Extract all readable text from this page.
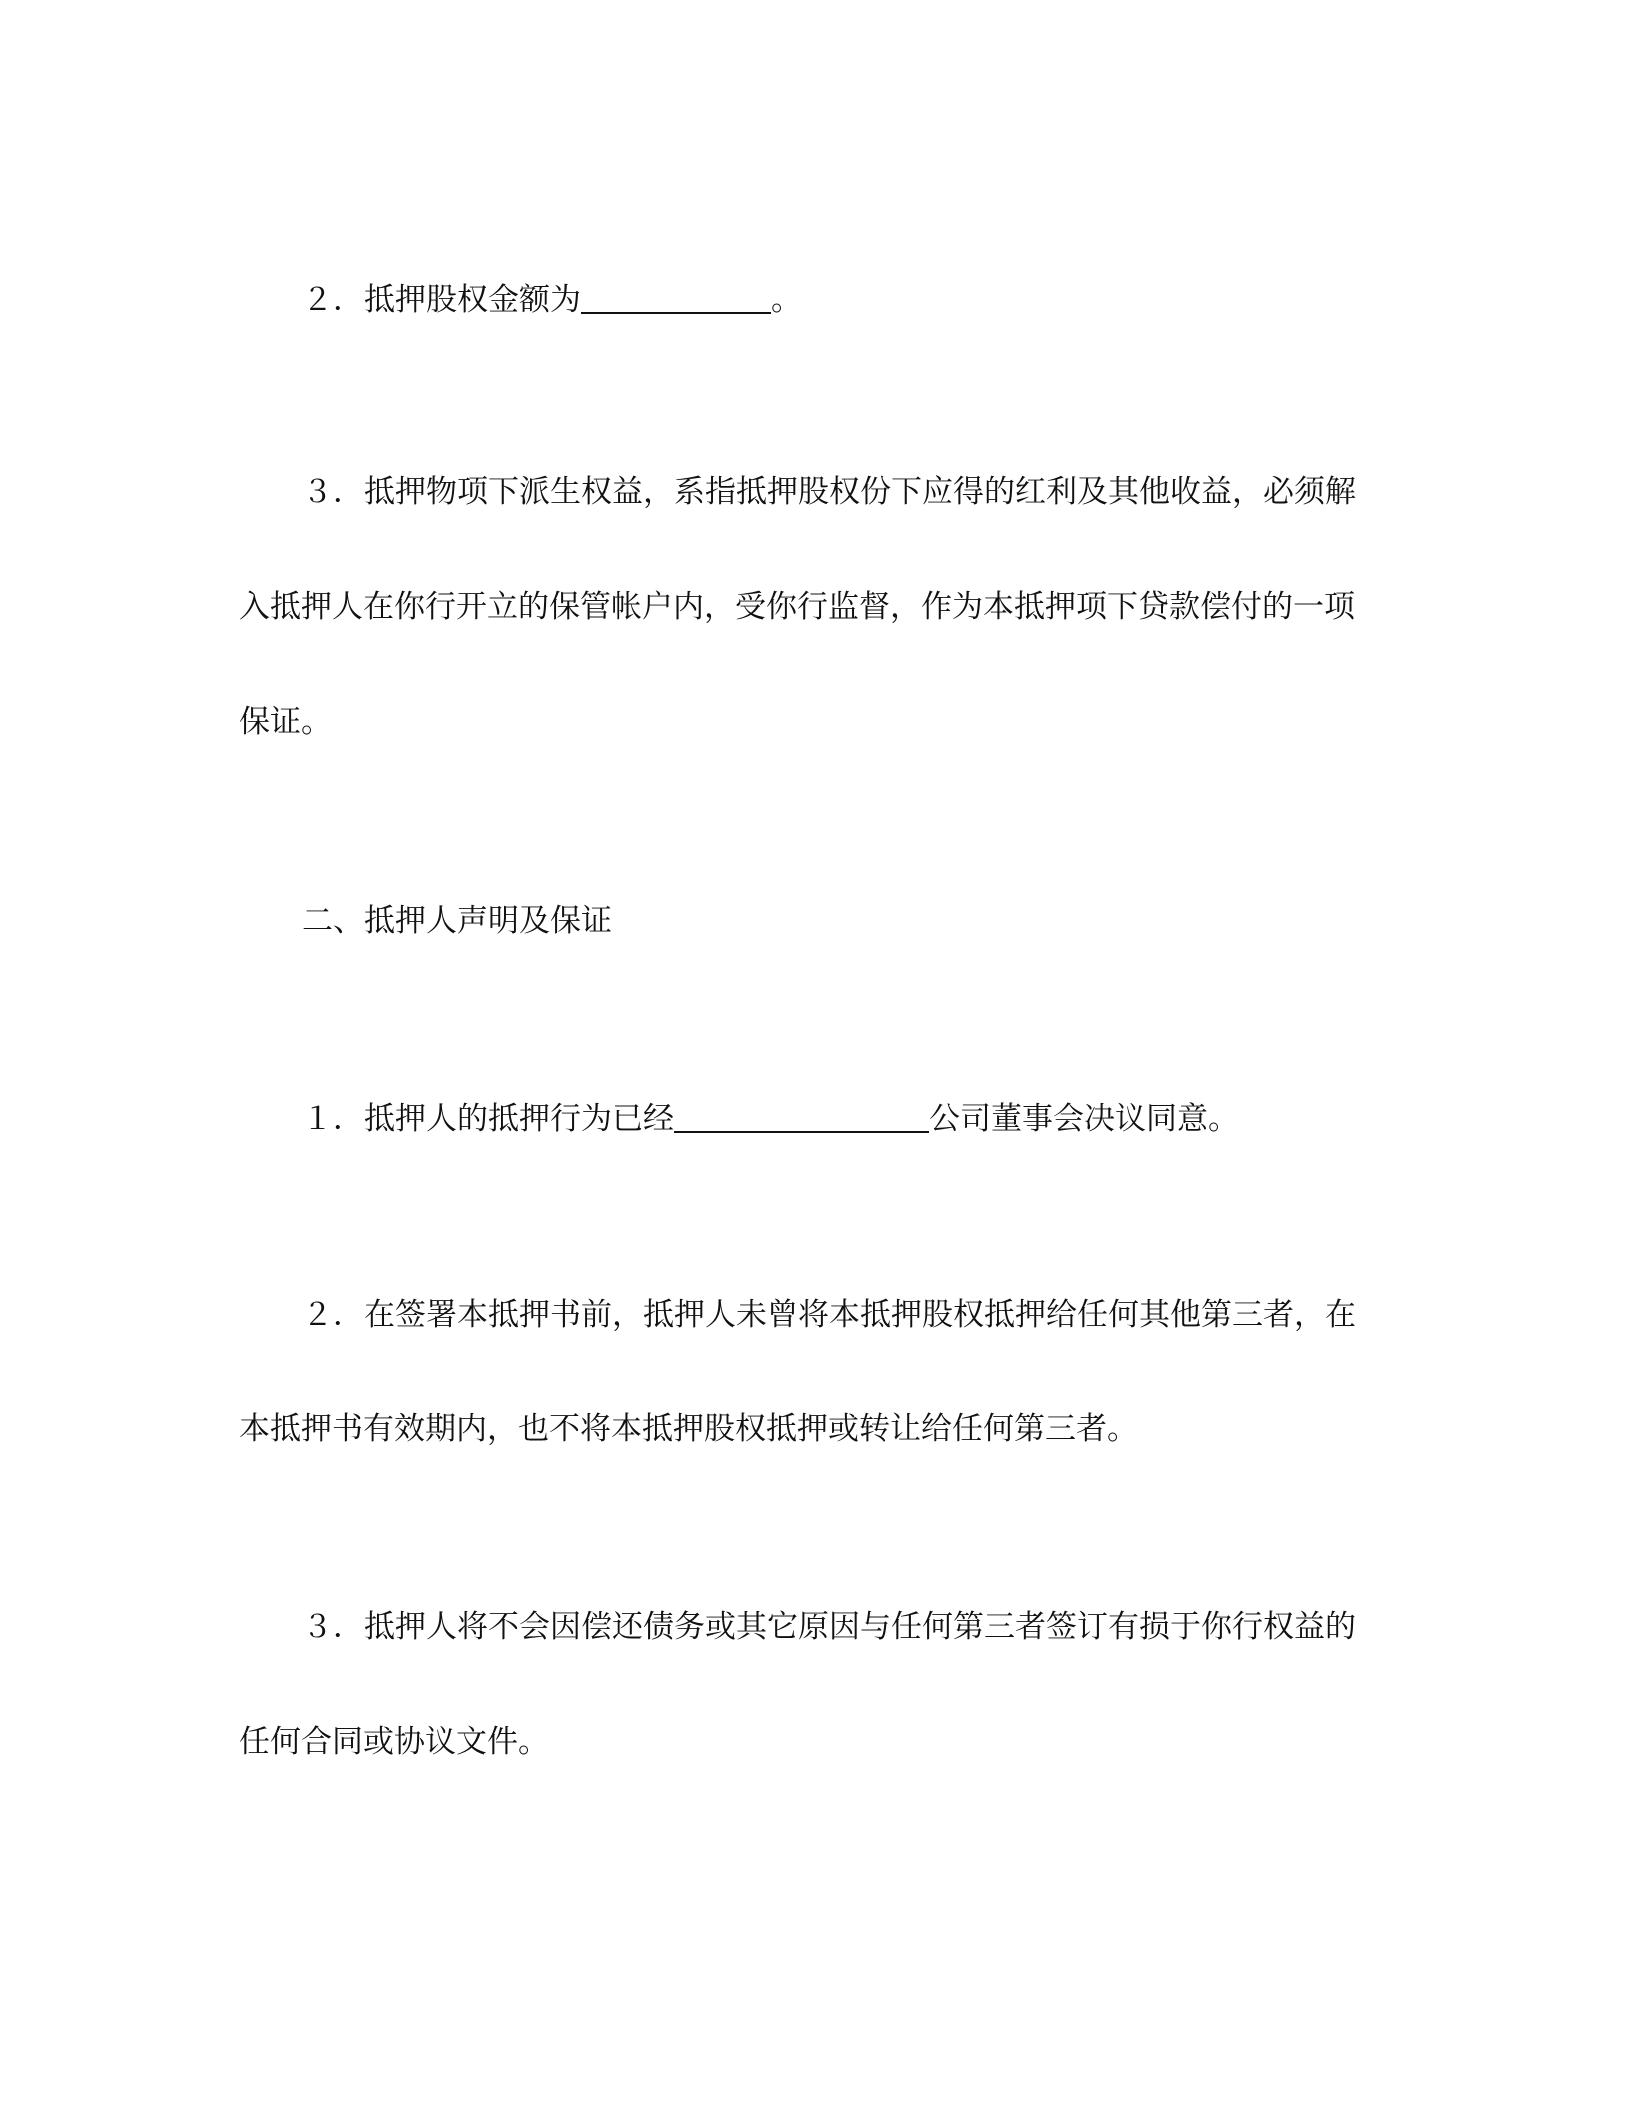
２．抵押股权金额为	。
３．抵押物项下派生权益，系指抵押股权份下应得的红利及其他收益，必须解
入抵押人在你行开立的保管帐户内，受你行监督，作为本抵押项下贷款偿付的一项
保证。
二、抵押人声明及保证
１．抵押人的抵押行为已经	公司董事会决议同意。
２．在签署本抵押书前，抵押人未曾将本抵押股权抵押给任何其他第三者，在
本抵押书有效期内，也不将本抵押股权抵押或转让给任何第三者。
３．抵押人将不会因偿还债务或其它原因与任何第三者签订有损于你行权益的
任何合同或协议文件。
